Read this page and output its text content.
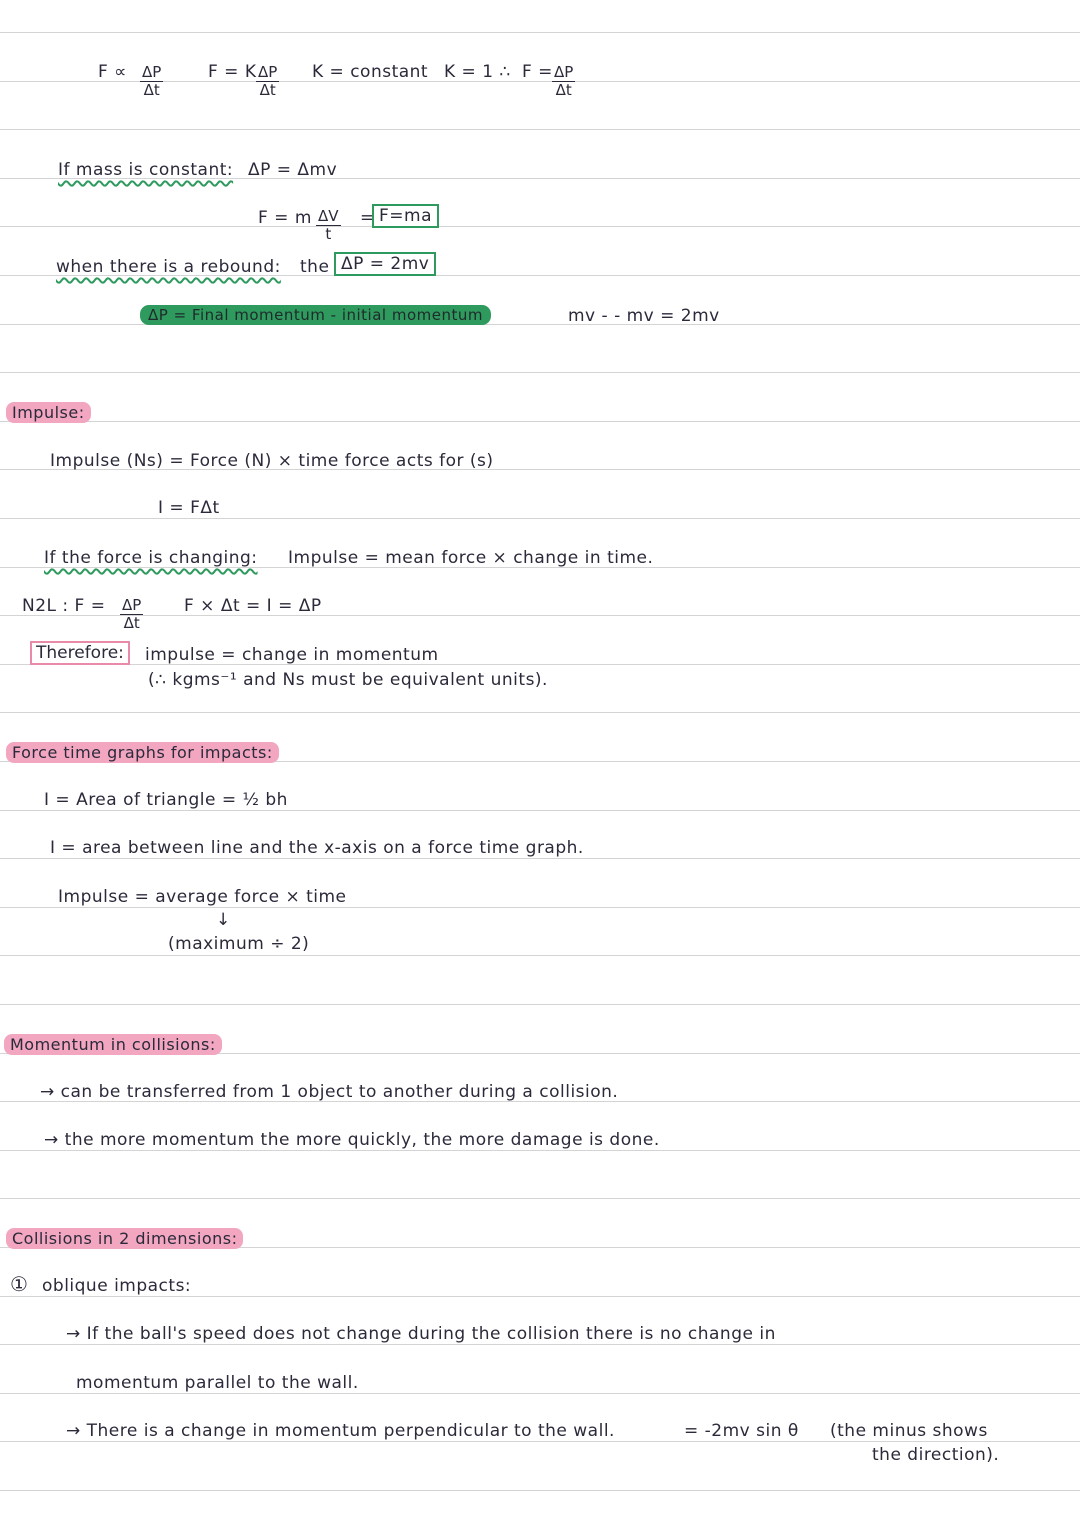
$F \propto \frac{\Delta P}{\Delta t}$	F = K $\frac{\Delta P}{\Delta t}$ K = constant K = 1 ∴ $F = \frac{\Delta P}{\Delta t}$
If mass is constant: ΔP = Δmv
F = m $\frac{\Delta V}{t} = F=ma$
when there is a rebound: the ΔP = 2mv
ΔP = Final momentum - initial momentum	mv - - mv = 2mv
Impulse:
Impulse (Ns) = Force (N) × time force acts for (s)
I = FΔt
If the force is changing: Impulse = mean force × change in time.
N2L : $F = \frac{\Delta P}{\Delta t}$ F × Δt = I = ΔP
Therefore:	impulse = change in momentum
(∴ kgms⁻¹ and Ns must be equivalent units).
Force time graphs for impacts:
I = Area of triangle = ½ bh
I = area between line and the x-axis on a force time graph.
Impulse = average force × time
↓
(maximum ÷ 2)
Momentum in collisions:
→ can be transferred from 1 object to another during a collision.
→ the more momentum the more quickly, the more damage is done.
Collisions in 2 dimensions:
① oblique impacts:
→ If the ball's speed does not change during the collision there is no change in
momentum parallel to the wall.
→ There is a change in momentum perpendicular to the wall.	= -2mv sin θ (the minus shows
the direction).
